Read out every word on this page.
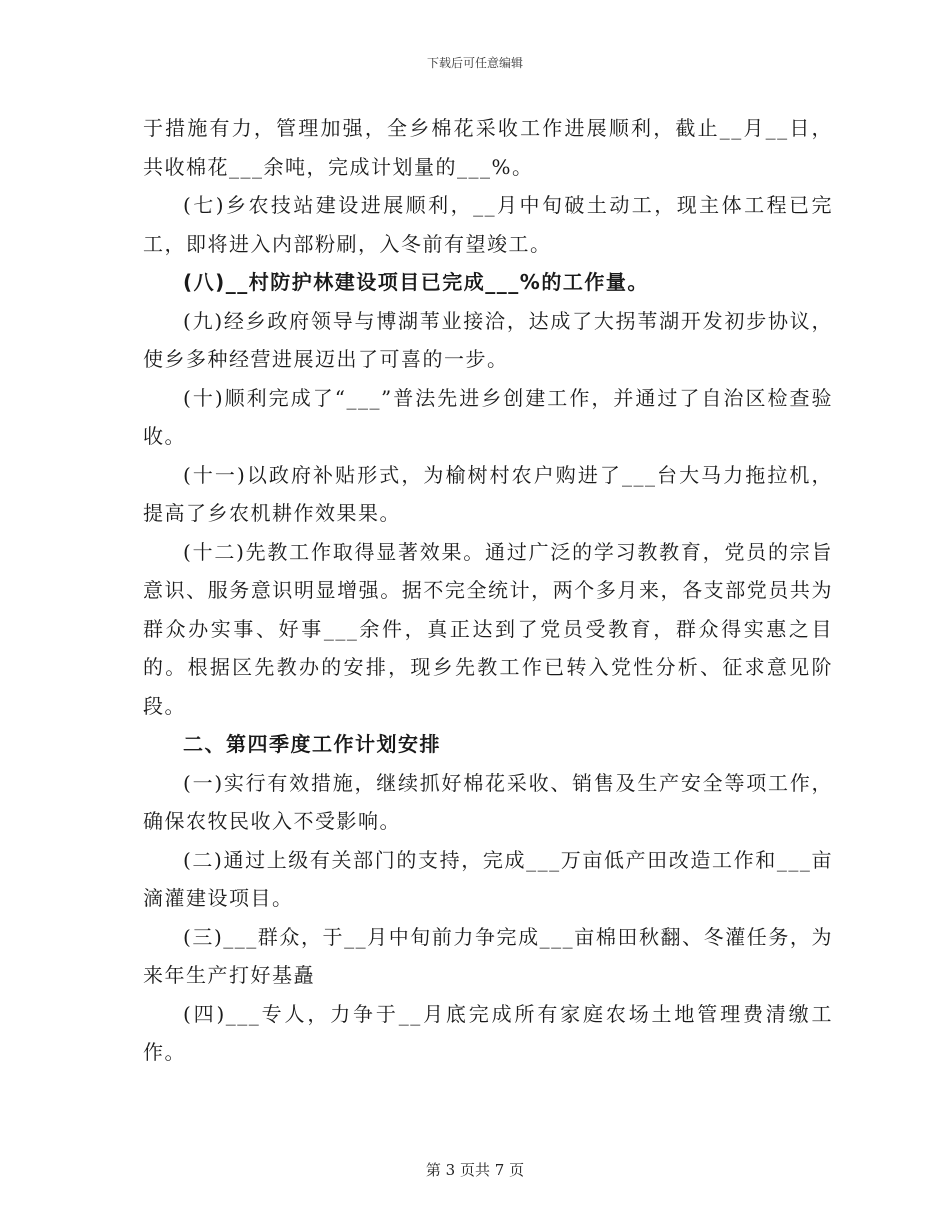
下载后可任意编辑

于措施有力，管理加强，全乡棉花采收工作进展顺利，截止__月__日，共收棉花___余吨，完成计划量的___%。

(七)乡农技站建设进展顺利，__月中旬破土动工，现主体工程已完工，即将进入内部粉刷，入冬前有望竣工。

(八)__村防护林建设项目已完成___%的工作量。

(九)经乡政府领导与博湖苇业接洽，达成了大拐苇湖开发初步协议，使乡多种经营进展迈出了可喜的一步。

(十)顺利完成了“___”普法先进乡创建工作，并通过了自治区检查验收。

(十一)以政府补贴形式，为榆树村农户购进了___台大马力拖拉机，提高了乡农机耕作效果果。

(十二)先教工作取得显著效果。通过广泛的学习教教育，党员的宗旨意识、服务意识明显增强。据不完全统计，两个多月来，各支部党员共为群众办实事、好事___余件，真正达到了党员受教育，群众得实惠之目的。根据区先教办的安排，现乡先教工作已转入党性分析、征求意见阶段。

二、第四季度工作计划安排

(一)实行有效措施，继续抓好棉花采收、销售及生产安全等项工作，确保农牧民收入不受影响。

(二)通过上级有关部门的支持，完成___万亩低产田改造工作和___亩滴灌建设项目。

(三)___群众，于__月中旬前力争完成___亩棉田秋翻、冬灌任务，为来年生产打好基矗

(四)___专人，力争于__月底完成所有家庭农场土地管理费清缴工作。

第 3 页共 7 页
